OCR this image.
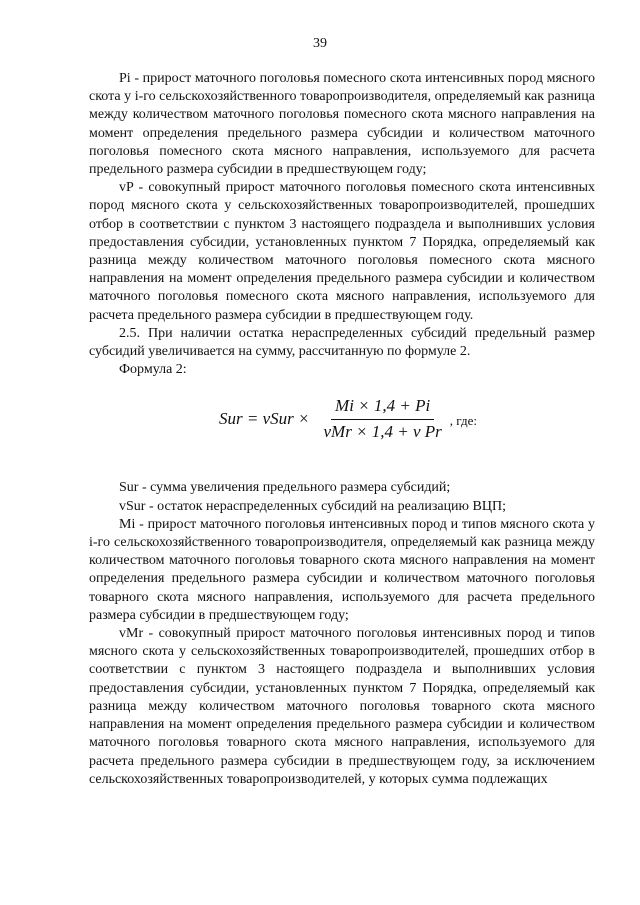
39

Pi - прирост маточного поголовья помесного скота интенсивных пород мясного скота у i-го сельскохозяйственного товаропроизводителя, определяемый как разница между количеством маточного поголовья помесного скота мясного направления на момент определения предельного размера субсидии и количеством маточного поголовья помесного скота мясного направления, используемого для расчета предельного размера субсидии в предшествующем году;

vP - совокупный прирост маточного поголовья помесного скота интенсивных пород мясного скота у сельскохозяйственных товаропроизводителей, прошедших отбор в соответствии с пунктом 3 настоящего подраздела и выполнивших условия предоставления субсидии, установленных пунктом 7 Порядка, определяемый как разница между количеством маточного поголовья помесного скота мясного направления на момент определения предельного размера субсидии и количеством маточного поголовья помесного скота мясного направления, используемого для расчета предельного размера субсидии в предшествующем году.

2.5. При наличии остатка нераспределенных субсидий предельный размер субсидий увеличивается на сумму, рассчитанную по формуле 2.

Формула 2:

Sur = vSur × $\frac{Mi \times 1,4 + Pi}{\text{vMr × 1,4 + v Pr}}$ , где:

Sur - сумма увеличения предельного размера субсидий;

vSur - остаток нераспределенных субсидий на реализацию ВЦП;

Mi - прирост маточного поголовья интенсивных пород и типов мясного скота у i-го сельскохозяйственного товаропроизводителя, определяемый как разница между количеством маточного поголовья товарного скота мясного направления на момент определения предельного размера субсидии и количеством маточного поголовья товарного скота мясного направления, используемого для расчета предельного размера субсидии в предшествующем году;

vMr - совокупный прирост маточного поголовья интенсивных пород и типов мясного скота у сельскохозяйственных товаропроизводителей, прошедших отбор в соответствии с пунктом 3 настоящего подраздела и выполнивших условия предоставления субсидии, установленных пунктом 7 Порядка, определяемый как разница между количеством маточного поголовья товарного скота мясного направления на момент определения предельного размера субсидии и количеством маточного поголовья товарного скота мясного направления, используемого для расчета предельного размера субсидии в предшествующем году, за исключением сельскохозяйственных товаропроизводителей, у которых сумма подлежащих
